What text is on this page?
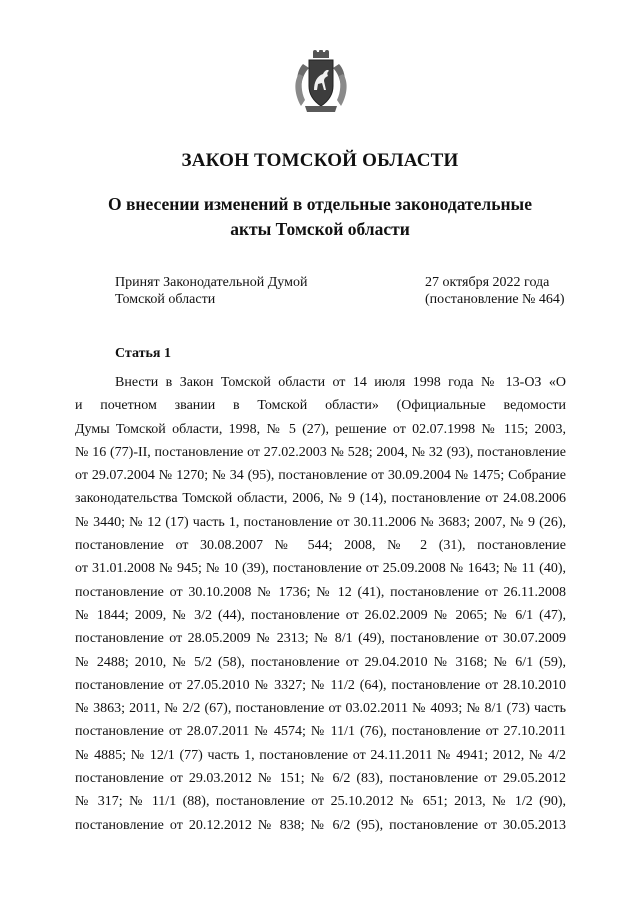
ЗАКОН ТОМСКОЙ ОБЛАСТИ
О внесении изменений в отдельные законодательные
акты Томской области
Принят Законодательной Думой	27 октября 2022 года
Томской области	(постановление № 464)
Статья 1
Внести в Закон Томской области от 14 июля 1998 года № 13-ОЗ «О
и почетном звании в Томской области» (Официальные ведомости
Думы Томской области, 1998, № 5 (27), решение от 02.07.1998 № 115; 2003,
№ 16 (77)-II, постановление от 27.02.2003 № 528; 2004, № 32 (93), постановление
от 29.07.2004 № 1270; № 34 (95), постановление от 30.09.2004 № 1475; Собрание
законодательства Томской области, 2006, № 9 (14), постановление от 24.08.2006
№ 3440; № 12 (17) часть 1, постановление от 30.11.2006 № 3683; 2007, № 9 (26),
постановление от 30.08.2007 № 544; 2008, № 2 (31), постановление
от 31.01.2008 № 945; № 10 (39), постановление от 25.09.2008 № 1643; № 11 (40),
постановление от 30.10.2008 № 1736; № 12 (41), постановление от 26.11.2008
№ 1844; 2009, № 3/2 (44), постановление от 26.02.2009 № 2065; № 6/1 (47),
постановление от 28.05.2009 № 2313; № 8/1 (49), постановление от 30.07.2009
№ 2488; 2010, № 5/2 (58), постановление от 29.04.2010 № 3168; № 6/1 (59),
постановление от 27.05.2010 № 3327; № 11/2 (64), постановление от 28.10.2010
№ 3863; 2011, № 2/2 (67), постановление от 03.02.2011 № 4093; № 8/1 (73) часть
постановление от 28.07.2011 № 4574; № 11/1 (76), постановление от 27.10.2011
№ 4885; № 12/1 (77) часть 1, постановление от 24.11.2011 № 4941; 2012, № 4/2
постановление от 29.03.2012 № 151; № 6/2 (83), постановление от 29.05.2012
№ 317; № 11/1 (88), постановление от 25.10.2012 № 651; 2013, № 1/2 (90),
постановление от 20.12.2012 № 838; № 6/2 (95), постановление от 30.05.2013
